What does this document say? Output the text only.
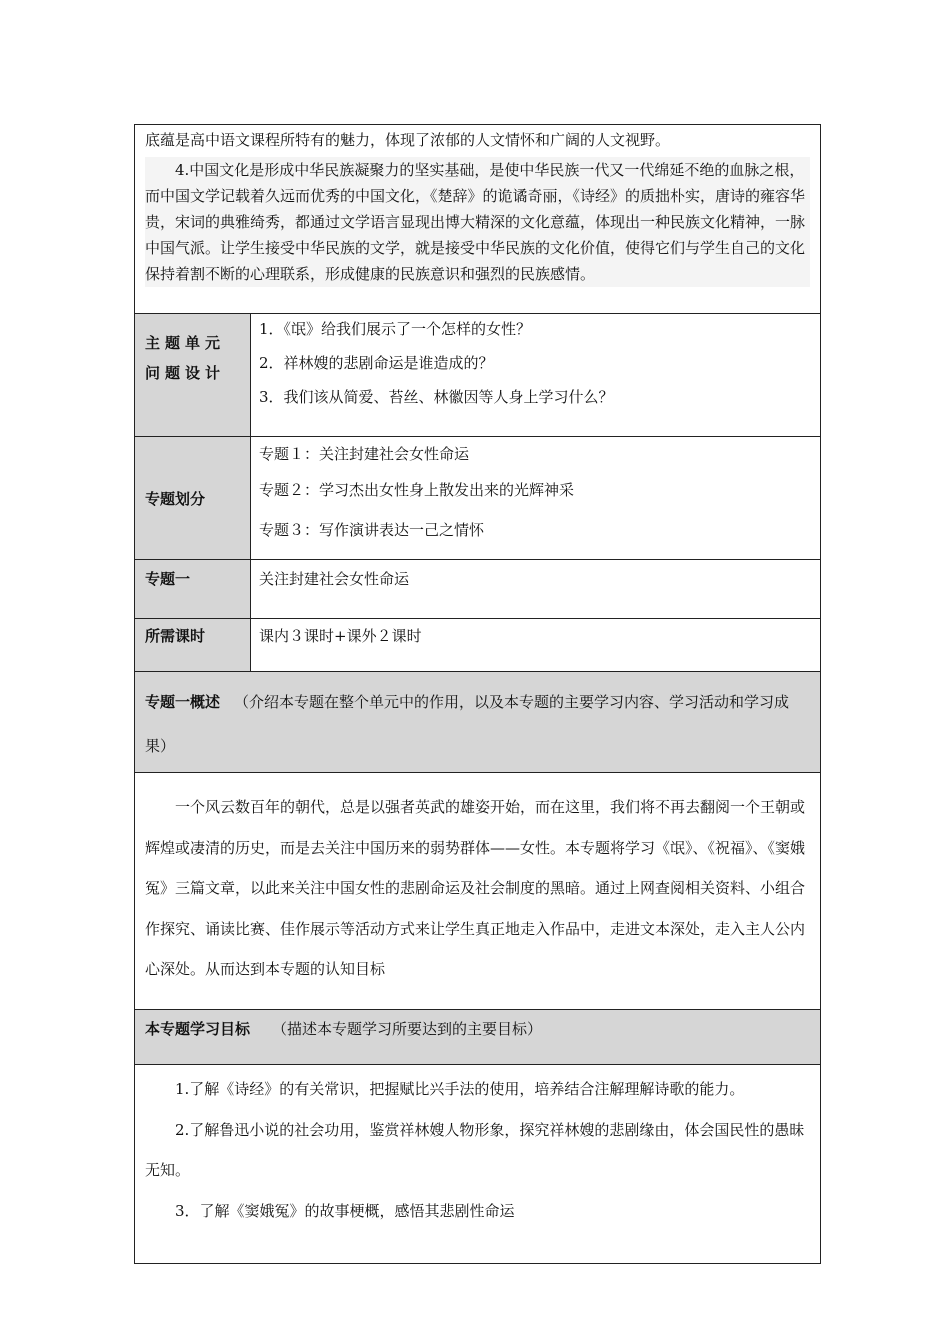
底蕴是高中语文课程所特有的魅力，体现了浓郁的人文情怀和广阔的人文视野。

4.中国文化是形成中华民族凝聚力的坚实基础，是使中华民族一代又一代绵延不绝的血脉之根，而中国文学记载着久远而优秀的中国文化，《楚辞》的诡谲奇丽，《诗经》的质拙朴实，唐诗的雍容华贵，宋词的典雅绮秀，都通过文学语言显现出博大精深的文化意蕴，体现出一种民族文化精神，一脉中国气派。让学生接受中华民族的文学，就是接受中华民族的文化价值，使得它们与学生自己的文化保持着割不断的心理联系，形成健康的民族意识和强烈的民族感情。	

主题单元问题设计	1．《氓》给我们展示了一个怎样的女性？

2．祥林嫂的悲剧命运是谁造成的？

3．我们该从简爱、苔丝、林徽因等人身上学习什么？

专题划分	专题１：关注封建社会女性命运

专题２：学习杰出女性身上散发出来的光辉神采

专题３：写作演讲表达一己之情怀

专题一	关注封建社会女性命运
所需课时	课内３课时+课外２课时
专题一概述 （介绍本专题在整个单元中的作用，以及本专题的主要学习内容、学习活动和学习成果）	

一个风云数百年的朝代，总是以强者英武的雄姿开始，而在这里，我们将不再去翻阅一个王朝或辉煌或凄清的历史，而是去关注中国历来的弱势群体——女性。本专题将学习《氓》、《祝福》、《窦娥冤》三篇文章，以此来关注中国女性的悲剧命运及社会制度的黑暗。通过上网查阅相关资料、小组合作探究、诵读比赛、佳作展示等活动方式来让学生真正地走入作品中，走进文本深处，走入主人公内心深处。从而达到本专题的认知目标	

本专题学习目标 （描述本专题学习所要达到的主要目标）	

1.了解《诗经》的有关常识，把握赋比兴手法的使用，培养结合注解理解诗歌的能力。

2.了解鲁迅小说的社会功用，鉴赏祥林嫂人物形象，探究祥林嫂的悲剧缘由，体会国民性的愚昧无知。

3．了解《窦娥冤》的故事梗概，感悟其悲剧性命运	
